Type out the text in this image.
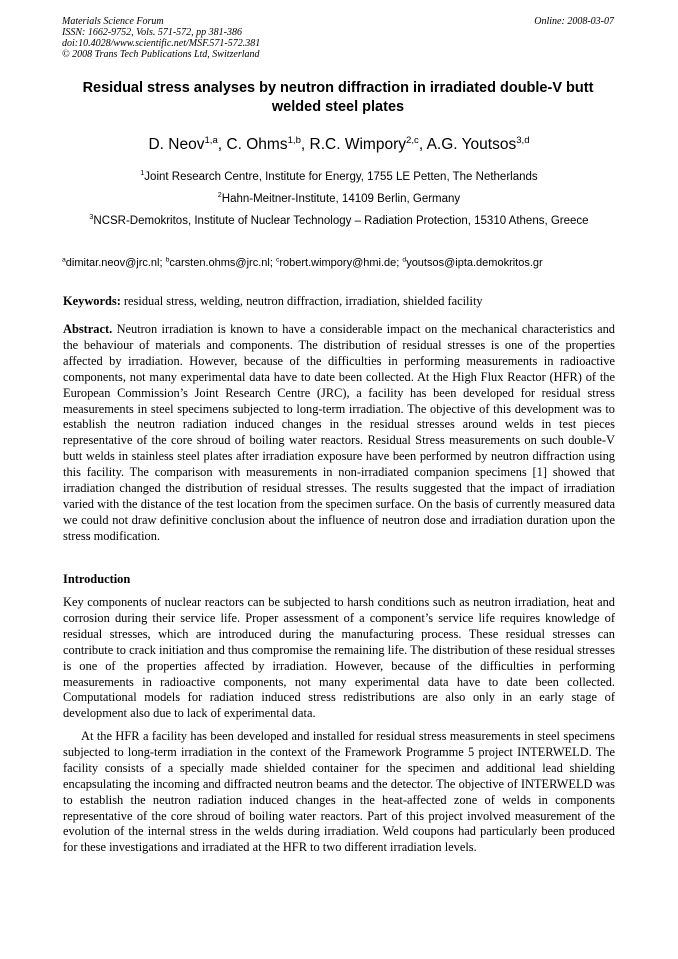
Materials Science Forum
ISSN: 1662-9752, Vols. 571-572, pp 381-386
doi:10.4028/www.scientific.net/MSF.571-572.381
© 2008 Trans Tech Publications Ltd, Switzerland
Online: 2008-03-07
Residual stress analyses by neutron diffraction in irradiated double-V butt welded steel plates
D. Neov$^{1,a}$, C. Ohms$^{1,b}$, R.C. Wimpory$^{2,c}$, A.G. Youtsos$^{3,d}$
$^1$Joint Research Centre, Institute for Energy, 1755 LE Petten, The Netherlands
$^2$Hahn-Meitner-Institute, 14109 Berlin, Germany
$^3$NCSR-Demokritos, Institute of Nuclear Technology – Radiation Protection, 15310 Athens, Greece
$^a$dimitar.neov@jrc.nl; $^b$carsten.ohms@jrc.nl; $^c$robert.wimpory@hmi.de; $^d$youtsos@ipta.demokritos.gr
Keywords: residual stress, welding, neutron diffraction, irradiation, shielded facility
Abstract. Neutron irradiation is known to have a considerable impact on the mechanical characteristics and the behaviour of materials and components. The distribution of residual stresses is one of the properties affected by irradiation. However, because of the difficulties in performing measurements in radioactive components, not many experimental data have to date been collected. At the High Flux Reactor (HFR) of the European Commission’s Joint Research Centre (JRC), a facility has been developed for residual stress measurements in steel specimens subjected to long-term irradiation. The objective of this development was to establish the neutron radiation induced changes in the residual stresses around welds in test pieces representative of the core shroud of boiling water reactors. Residual Stress measurements on such double-V butt welds in stainless steel plates after irradiation exposure have been performed by neutron diffraction using this facility. The comparison with measurements in non-irradiated companion specimens [1] showed that irradiation changed the distribution of residual stresses. The results suggested that the impact of irradiation varied with the distance of the test location from the specimen surface. On the basis of currently measured data we could not draw definitive conclusion about the influence of neutron dose and irradiation duration upon the stress modification.
Introduction
Key components of nuclear reactors can be subjected to harsh conditions such as neutron irradiation, heat and corrosion during their service life. Proper assessment of a component’s service life requires knowledge of residual stresses, which are introduced during the manufacturing process. These residual stresses can contribute to crack initiation and thus compromise the remaining life. The distribution of these residual stresses is one of the properties affected by irradiation. However, because of the difficulties in performing measurements in radioactive components, not many experimental data have to date been collected. Computational models for radiation induced stress redistributions are also only in an early stage of development also due to lack of experimental data.
At the HFR a facility has been developed and installed for residual stress measurements in steel specimens subjected to long-term irradiation in the context of the Framework Programme 5 project INTERWELD. The facility consists of a specially made shielded container for the specimen and additional lead shielding encapsulating the incoming and diffracted neutron beams and the detector. The objective of INTERWELD was to establish the neutron radiation induced changes in the heat-affected zone of welds in components representative of the core shroud of boiling water reactors. Part of this project involved measurement of the evolution of the internal stress in the welds during irradiation. Weld coupons had particularly been produced for these investigations and irradiated at the HFR to two different irradiation levels.
